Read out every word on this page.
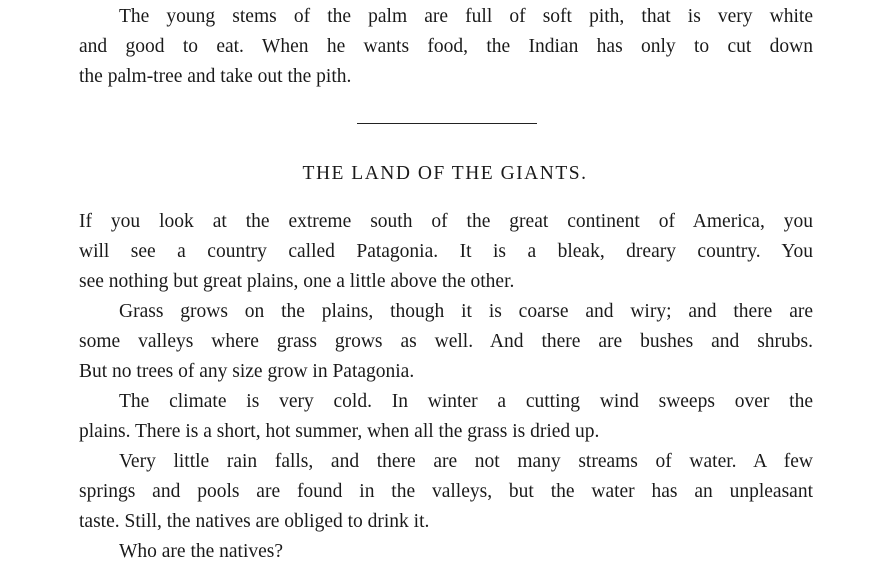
The young stems of the palm are full of soft pith, that is very white
and good to eat. When he wants food, the Indian has only to cut down
the palm-tree and take out the pith.

THE LAND OF THE GIANTS.

If you look at the extreme south of the great continent of America, you
will see a country called Patagonia. It is a bleak, dreary country. You
see nothing but great plains, one a little above the other.

Grass grows on the plains, though it is coarse and wiry; and there are
some valleys where grass grows as well. And there are bushes and shrubs.
But no trees of any size grow in Patagonia.

The climate is very cold. In winter a cutting wind sweeps over the
plains. There is a short, hot summer, when all the grass is dried up.

Very little rain falls, and there are not many streams of water. A few
springs and pools are found in the valleys, but the water has an unpleasant
taste. Still, the natives are obliged to drink it.

Who are the natives?
